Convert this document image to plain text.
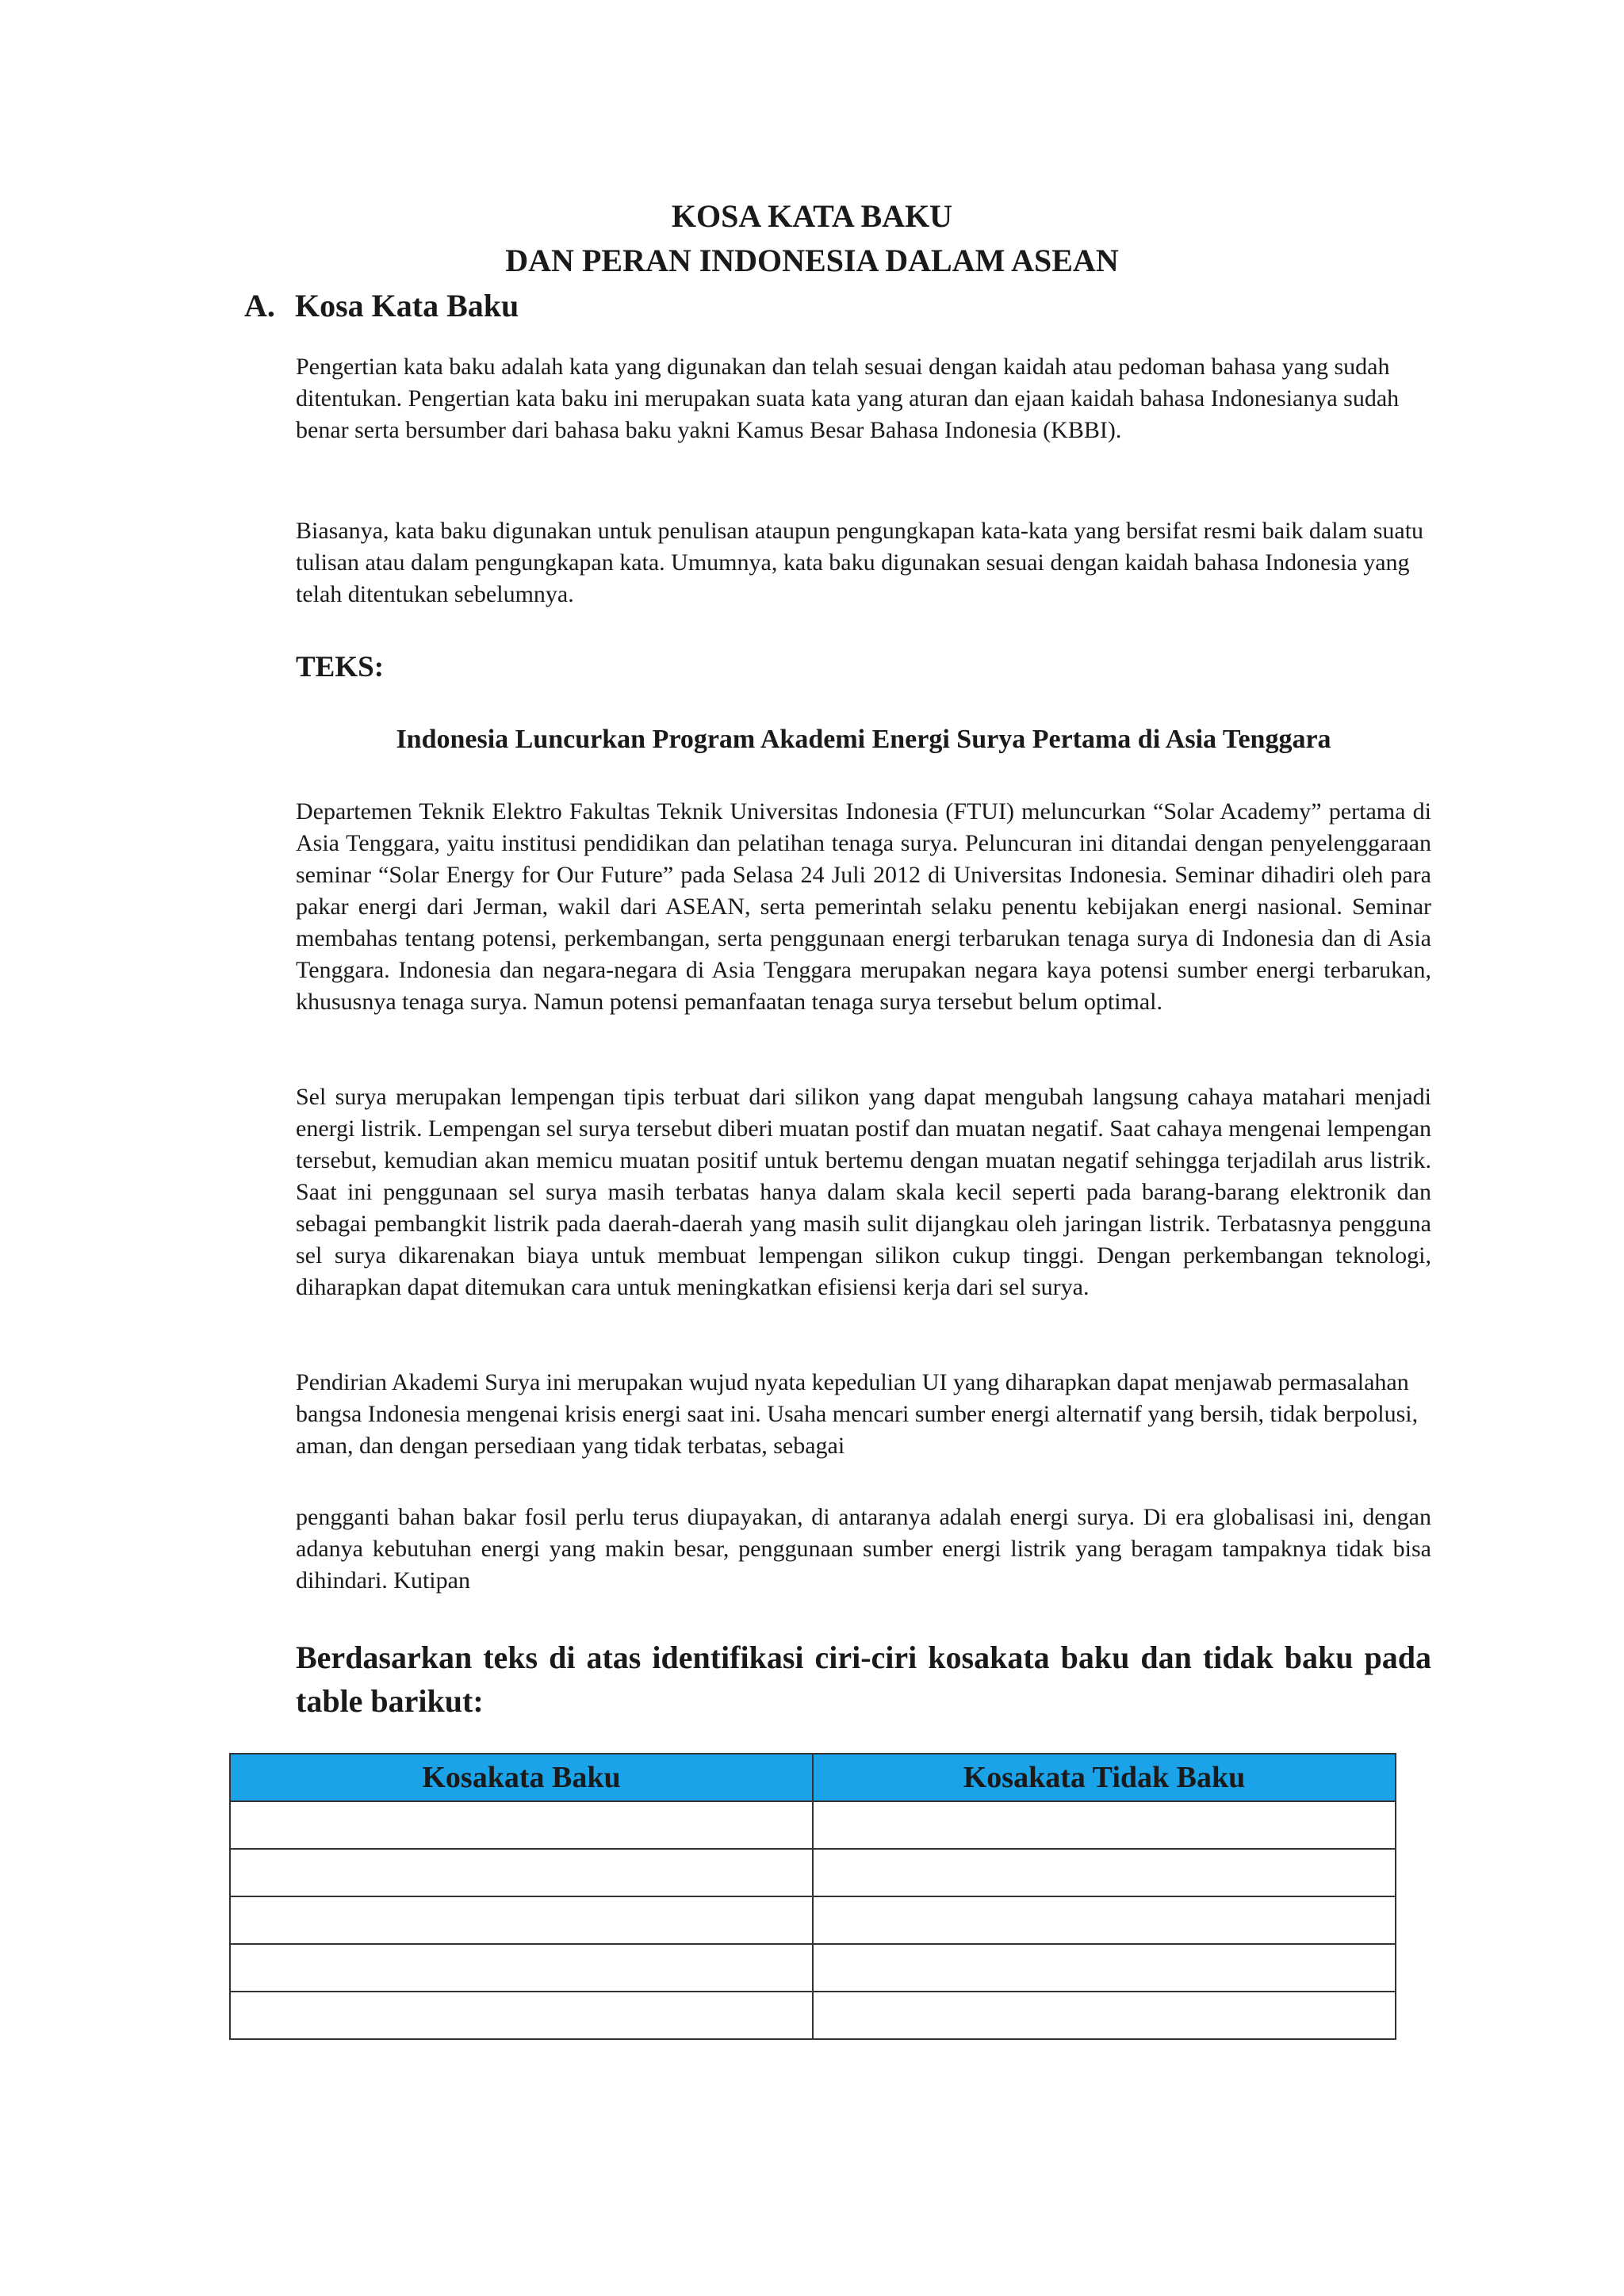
KOSA KATA BAKU
DAN PERAN INDONESIA DALAM ASEAN
A. Kosa Kata Baku

Pengertian kata baku adalah kata yang digunakan dan telah sesuai dengan kaidah atau pedoman bahasa yang sudah ditentukan. Pengertian kata baku ini merupakan suata kata yang aturan dan ejaan kaidah bahasa Indonesianya sudah benar serta bersumber dari bahasa baku yakni Kamus Besar Bahasa Indonesia (KBBI).

Biasanya, kata baku digunakan untuk penulisan ataupun pengungkapan kata-kata yang bersifat resmi baik dalam suatu tulisan atau dalam pengungkapan kata. Umumnya, kata baku digunakan sesuai dengan kaidah bahasa Indonesia yang telah ditentukan sebelumnya.

TEKS:
Indonesia Luncurkan Program Akademi Energi Surya Pertama di Asia Tenggara

Departemen Teknik Elektro Fakultas Teknik Universitas Indonesia (FTUI) meluncurkan “Solar Academy” pertama di Asia Tenggara, yaitu institusi pendidikan dan pelatihan tenaga surya. Peluncuran ini ditandai dengan penyelenggaraan seminar “Solar Energy for Our Future” pada Selasa 24 Juli 2012 di Universitas Indonesia. Seminar dihadiri oleh para pakar energi dari Jerman, wakil dari ASEAN, serta pemerintah selaku penentu kebijakan energi nasional. Seminar membahas tentang potensi, perkembangan, serta penggunaan energi terbarukan tenaga surya di Indonesia dan di Asia Tenggara. Indonesia dan negara-negara di Asia Tenggara merupakan negara kaya potensi sumber energi terbarukan, khususnya tenaga surya. Namun potensi pemanfaatan tenaga surya tersebut belum optimal.

Sel surya merupakan lempengan tipis terbuat dari silikon yang dapat mengubah langsung cahaya matahari menjadi energi listrik. Lempengan sel surya tersebut diberi muatan postif dan muatan negatif. Saat cahaya mengenai lempengan tersebut, kemudian akan memicu muatan positif untuk bertemu dengan muatan negatif sehingga terjadilah arus listrik. Saat ini penggunaan sel surya masih terbatas hanya dalam skala kecil seperti pada barang-barang elektronik dan sebagai pembangkit listrik pada daerah-daerah yang masih sulit dijangkau oleh jaringan listrik. Terbatasnya pengguna sel surya dikarenakan biaya untuk membuat lempengan silikon cukup tinggi. Dengan perkembangan teknologi, diharapkan dapat ditemukan cara untuk meningkatkan efisiensi kerja dari sel surya.

Pendirian Akademi Surya ini merupakan wujud nyata kepedulian UI yang diharapkan dapat menjawab permasalahan bangsa Indonesia mengenai krisis energi saat ini. Usaha mencari sumber energi alternatif yang bersih, tidak berpolusi, aman, dan dengan persediaan yang tidak terbatas, sebagai

pengganti bahan bakar fosil perlu terus diupayakan, di antaranya adalah energi surya. Di era globalisasi ini, dengan adanya kebutuhan energi yang makin besar, penggunaan sumber energi listrik yang beragam tampaknya tidak bisa dihindari. Kutipan

Berdasarkan teks di atas identifikasi ciri-ciri kosakata baku dan tidak baku pada table barikut:

Kosakata Baku	Kosakata Tidak Baku
